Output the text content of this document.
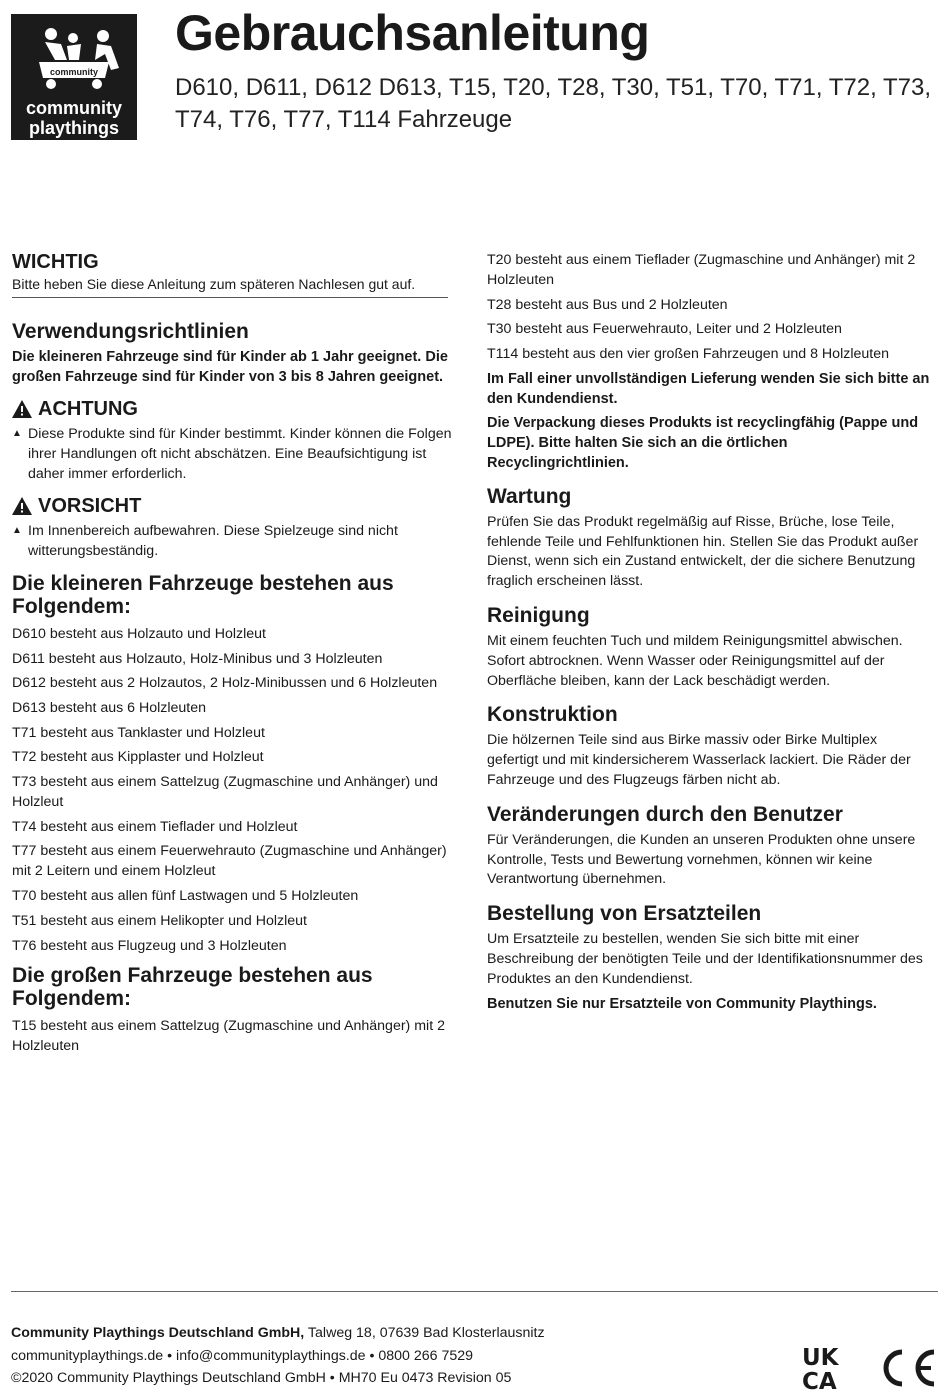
community
community
playthings
Gebrauchsanleitung
D610, D611, D612 D613, T15, T20, T28, T30, T51, T70, T71, T72, T73, T74, T76, T77, T114 Fahrzeuge
WICHTIG
Bitte heben Sie diese Anleitung zum späteren Nachlesen gut auf.
Verwendungsrichtlinien
Die kleineren Fahrzeuge sind für Kinder ab 1 Jahr geeignet. Die großen Fahrzeuge sind für Kinder von 3 bis 8 Jahren geeignet.
ACHTUNG
▲ Diese Produkte sind für Kinder bestimmt. Kinder können die Folgen ihrer Handlungen oft nicht abschätzen. Eine Beaufsichtigung ist daher immer erforderlich.
VORSICHT
▲ Im Innenbereich aufbewahren. Diese Spielzeuge sind nicht witterungsbeständig.
Die kleineren Fahrzeuge bestehen aus Folgendem:

D610 besteht aus Holzauto und Holzleut

D611 besteht aus Holzauto, Holz-Minibus und 3 Holzleuten

D612 besteht aus 2 Holzautos, 2 Holz-Minibussen und 6 Holzleuten

D613 besteht aus 6 Holzleuten

T71 besteht aus Tanklaster und Holzleut

T72 besteht aus Kipplaster und Holzleut

T73 besteht aus einem Sattelzug (Zugmaschine und Anhänger) und Holzleut

T74 besteht aus einem Tieflader und Holzleut

T77 besteht aus einem Feuerwehrauto (Zugmaschine und Anhänger) mit 2 Leitern und einem Holzleut

T70 besteht aus allen fünf Lastwagen und 5 Holzleuten

T51 besteht aus einem Helikopter und Holzleut

T76 besteht aus Flugzeug und 3 Holzleuten

Die großen Fahrzeuge bestehen aus Folgendem:

T15 besteht aus einem Sattelzug (Zugmaschine und Anhänger) mit 2 Holzleuten

T20 besteht aus einem Tieflader (Zugmaschine und Anhänger) mit 2 Holzleuten

T28 besteht aus Bus und 2 Holzleuten

T30 besteht aus Feuerwehrauto, Leiter und 2 Holzleuten

T114 besteht aus den vier großen Fahrzeugen und 8 Holzleuten

Im Fall einer unvollständigen Lieferung wenden Sie sich bitte an den Kundendienst.
Die Verpackung dieses Produkts ist recyclingfähig (Pappe und LDPE). Bitte halten Sie sich an die örtlichen Recyclingrichtlinien.
Wartung
Prüfen Sie das Produkt regelmäßig auf Risse, Brüche, lose Teile, fehlende Teile und Fehlfunktionen hin. Stellen Sie das Produkt außer Dienst, wenn sich ein Zustand entwickelt, der die sichere Benutzung fraglich erscheinen lässt.
Reinigung
Mit einem feuchten Tuch und mildem Reinigungsmittel abwischen. Sofort abtrocknen. Wenn Wasser oder Reinigungsmittel auf der Oberfläche bleiben, kann der Lack beschädigt werden.
Konstruktion
Die hölzernen Teile sind aus Birke massiv oder Birke Multiplex gefertigt und mit kindersicherem Wasserlack lackiert. Die Räder der Fahrzeuge und des Flugzeugs färben nicht ab.
Veränderungen durch den Benutzer
Für Veränderungen, die Kunden an unseren Produkten ohne unsere Kontrolle, Tests und Bewertung vornehmen, können wir keine Verantwortung übernehmen.
Bestellung von Ersatzteilen
Um Ersatzteile zu bestellen, wenden Sie sich bitte mit einer Beschreibung der benötigten Teile und der Identifikationsnummer des Produktes an den Kundendienst.
Benutzen Sie nur Ersatzteile von Community Playthings.
Community Playthings Deutschland GmbH, Talweg 18, 07639 Bad Klosterlausnitz
communityplaythings.de • info@communityplaythings.de • 0800 266 7529
©2020 Community Playthings Deutschland GmbH • MH70 Eu 0473 Revision 05
UK
CA
CE
